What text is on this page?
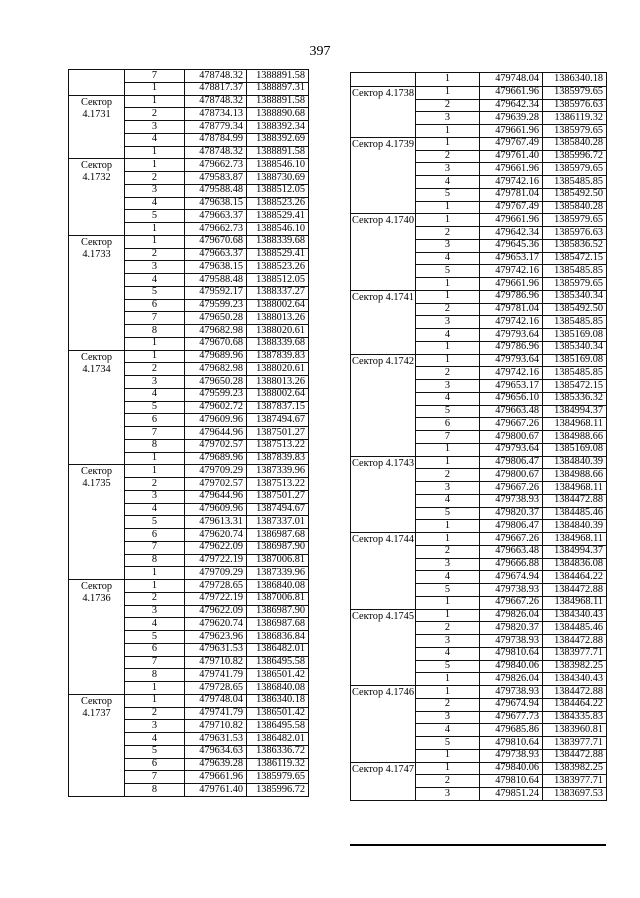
397
	7	478748.32	1388891.58
	1	478817.37	1388897.31
Сектор 4.1731	1	478748.32	1388891.58
	2	478734.13	1388890.68
	3	478779.34	1388392.34
	4	478784.99	1388392.69
	1	478748.32	1388891.58
Сектор 4.1732	1	479662.73	1388546.10
	2	479583.87	1388730.69
	3	479588.48	1388512.05
	4	479638.15	1388523.26
	5	479663.37	1388529.41
	1	479662.73	1388546.10
Сектор 4.1733	1	479670.68	1388339.68
	2	479663.37	1388529.41
	3	479638.15	1388523.26
	4	479588.48	1388512.05
	5	479592.17	1388337.27
	6	479599.23	1388002.64
	7	479650.28	1388013.26
	8	479682.98	1388020.61
	1	479670.68	1388339.68
Сектор 4.1734	1	479689.96	1387839.83
	2	479682.98	1388020.61
	3	479650.28	1388013.26
	4	479599.23	1388002.64
	5	479602.72	1387837.15
	6	479609.96	1387494.67
	7	479644.96	1387501.27
	8	479702.57	1387513.22
	1	479689.96	1387839.83
Сектор 4.1735	1	479709.29	1387339.96
	2	479702.57	1387513.22
	3	479644.96	1387501.27
	4	479609.96	1387494.67
	5	479613.31	1387337.01
	6	479620.74	1386987.68
	7	479622.09	1386987.90
	8	479722.19	1387006.81
	1	479709.29	1387339.96
Сектор 4.1736	1	479728.65	1386840.08
	2	479722.19	1387006.81
	3	479622.09	1386987.90
	4	479620.74	1386987.68
	5	479623.96	1386836.84
	6	479631.53	1386482.01
	7	479710.82	1386495.58
	8	479741.79	1386501.42
	1	479728.65	1386840.08
Сектор 4.1737	1	479748.04	1386340.18
	2	479741.79	1386501.42
	3	479710.82	1386495.58
	4	479631.53	1386482.01
	5	479634.63	1386336.72
	6	479639.28	1386119.32
	7	479661.96	1385979.65
	8	479761.40	1385996.72
	1	479748.04	1386340.18
Сектор 4.1738	1	479661.96	1385979.65
	2	479642.34	1385976.63
	3	479639.28	1386119.32
	1	479661.96	1385979.65
Сектор 4.1739	1	479767.49	1385840.28
	2	479761.40	1385996.72
	3	479661.96	1385979.65
	4	479742.16	1385485.85
	5	479781.04	1385492.50
	1	479767.49	1385840.28
Сектор 4.1740	1	479661.96	1385979.65
	2	479642.34	1385976.63
	3	479645.36	1385836.52
	4	479653.17	1385472.15
	5	479742.16	1385485.85
	1	479661.96	1385979.65
Сектор 4.1741	1	479786.96	1385340.34
	2	479781.04	1385492.50
	3	479742.16	1385485.85
	4	479793.64	1385169.08
	1	479786.96	1385340.34
Сектор 4.1742	1	479793.64	1385169.08
	2	479742.16	1385485.85
	3	479653.17	1385472.15
	4	479656.10	1385336.32
	5	479663.48	1384994.37
	6	479667.26	1384968.11
	7	479800.67	1384988.66
	1	479793.64	1385169.08
Сектор 4.1743	1	479806.47	1384840.39
	2	479800.67	1384988.66
	3	479667.26	1384968.11
	4	479738.93	1384472.88
	5	479820.37	1384485.46
	1	479806.47	1384840.39
Сектор 4.1744	1	479667.26	1384968.11
	2	479663.48	1384994.37
	3	479666.88	1384836.08
	4	479674.94	1384464.22
	5	479738.93	1384472.88
	1	479667.26	1384968.11
Сектор 4.1745	1	479826.04	1384340.43
	2	479820.37	1384485.46
	3	479738.93	1384472.88
	4	479810.64	1383977.71
	5	479840.06	1383982.25
	1	479826.04	1384340.43
Сектор 4.1746	1	479738.93	1384472.88
	2	479674.94	1384464.22
	3	479677.73	1384335.83
	4	479685.86	1383960.81
	5	479810.64	1383977.71
	1	479738.93	1384472.88
Сектор 4.1747	1	479840.06	1383982.25
	2	479810.64	1383977.71
	3	479851.24	1383697.53
